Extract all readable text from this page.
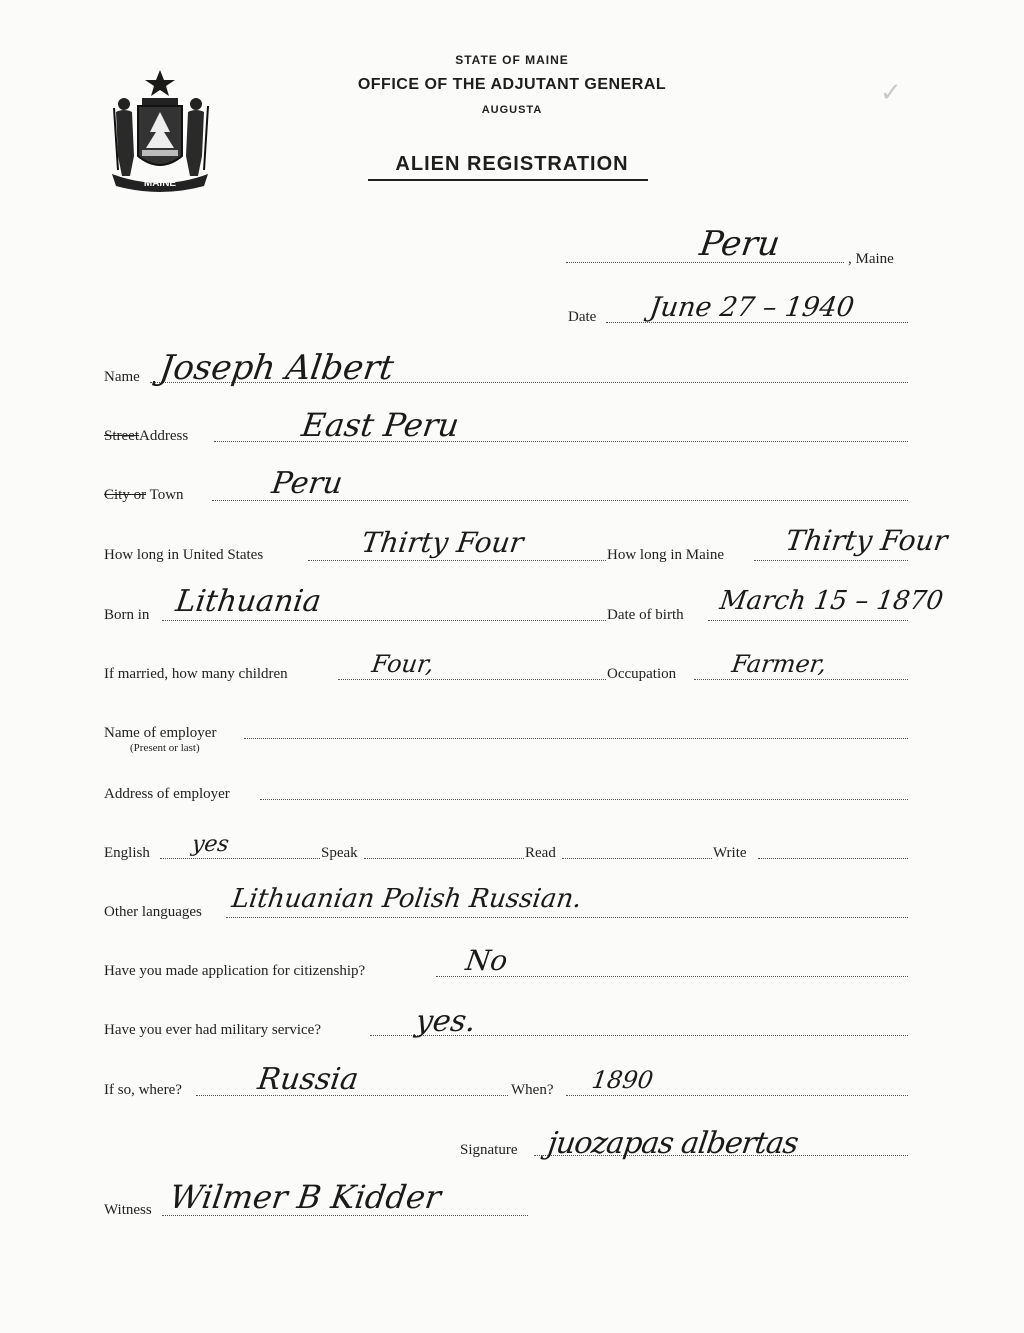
STATE OF MAINE
OFFICE OF THE ADJUTANT GENERAL
AUGUSTA
ALIEN REGISTRATION
MAINE
✓
Peru	, Maine
Date June 27 – 1940
Name Joseph Albert
StreetAddress	East Peru
City or Town	Peru
How long in United States	Thirty Four	How long in Maine Thirty Four
Born in Lithuania	Date of birth March 15 – 1870
If married, how many children	Four,	Occupation Farmer,
Name of employer
(Present or last)
Address of employer
English yes	Speak	Read	Write
Other languages Lithuanian Polish Russian.
Have you made application for citizenship?	No
Have you ever had military service?	yes.
If so, where? Russia	When? 1890
Signature juozapas albertas
Witness Wilmer B Kidder
